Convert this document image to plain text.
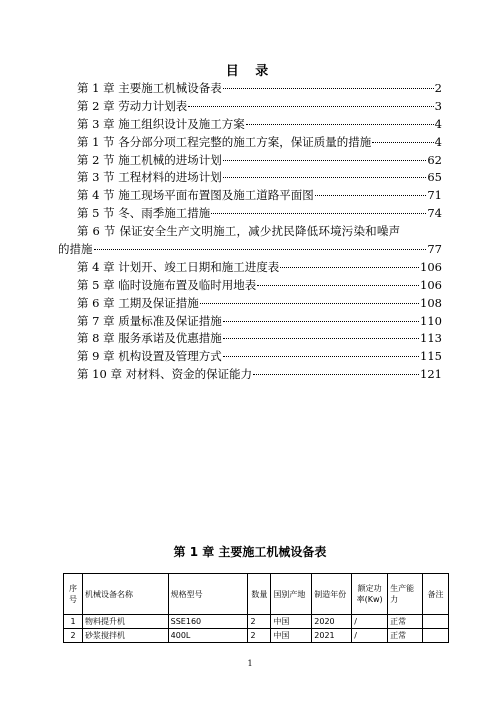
目 录
第 1 章 主要施工机械设备表	2
第 2 章 劳动力计划表	3
第 3 章 施工组织设计及施工方案	4
第 1 节 各分部分项工程完整的施工方案，保证质量的措施	4
第 2 节 施工机械的进场计划	62
第 3 节 工程材料的进场计划	65
第 4 节 施工现场平面布置图及施工道路平面图	71
第 5 节 冬、雨季施工措施	74
第 6 节 保证安全生产文明施工，减少扰民降低环境污染和噪声
的措施	77
第 4 章 计划开、竣工日期和施工进度表	106
第 5 章 临时设施布置及临时用地表	106
第 6 章 工期及保证措施	108
第 7 章 质量标准及保证措施	110
第 8 章 服务承诺及优惠措施	113
第 9 章 机构设置及管理方式	115
第 10 章 对材料、资金的保证能力	121
第 1 章 主要施工机械设备表
序号	机械设备名称	规格型号	数量	国别产地	制造年份	额定功率(Kw)	生产能力	备注
1	物料提升机	SSE160	2	中国	2020	/	正常	
2	砂浆搅拌机	400L	2	中国	2021	/	正常	
1
